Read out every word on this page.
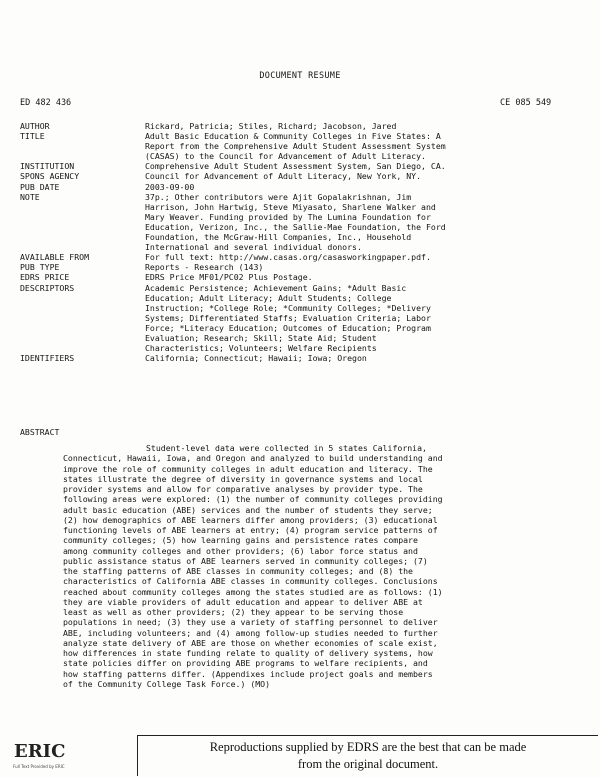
DOCUMENT RESUME
ED 482 436	CE 085 549
AUTHOR	Rickard, Patricia; Stiles, Richard; Jacobson, Jared
TITLE	Adult Basic Education & Community Colleges in Five States: A
Report from the Comprehensive Adult Student Assessment System
(CASAS) to the Council for Advancement of Adult Literacy.
INSTITUTION	Comprehensive Adult Student Assessment System, San Diego, CA.
SPONS AGENCY	Council for Advancement of Adult Literacy, New York, NY.
PUB DATE	2003-09-00
NOTE	37p.; Other contributors were Ajit Gopalakrishnan, Jim
Harrison, John Hartwig, Steve Miyasato, Sharlene Walker and
Mary Weaver. Funding provided by The Lumina Foundation for
Education, Verizon, Inc., the Sallie-Mae Foundation, the Ford
Foundation, the McGraw-Hill Companies, Inc., Household
International and several individual donors.
AVAILABLE FROM	For full text: http://www.casas.org/casasworkingpaper.pdf.
PUB TYPE	Reports - Research (143)
EDRS PRICE	EDRS Price MF01/PC02 Plus Postage.
DESCRIPTORS	Academic Persistence; Achievement Gains; *Adult Basic
Education; Adult Literacy; Adult Students; College
Instruction; *College Role; *Community Colleges; *Delivery
Systems; Differentiated Staffs; Evaluation Criteria; Labor
Force; *Literacy Education; Outcomes of Education; Program
Evaluation; Research; Skill; State Aid; Student
Characteristics; Volunteers; Welfare Recipients
IDENTIFIERS	California; Connecticut; Hawaii; Iowa; Oregon
ABSTRACT
Student-level data were collected in 5 states California,
Connecticut, Hawaii, Iowa, and Oregon and analyzed to build understanding and
improve the role of community colleges in adult education and literacy. The
states illustrate the degree of diversity in governance systems and local
provider systems and allow for comparative analyses by provider type. The
following areas were explored: (1) the number of community colleges providing
adult basic education (ABE) services and the number of students they serve;
(2) how demographics of ABE learners differ among providers; (3) educational
functioning levels of ABE learners at entry; (4) program service patterns of
community colleges; (5) how learning gains and persistence rates compare
among community colleges and other providers; (6) labor force status and
public assistance status of ABE learners served in community colleges; (7)
the staffing patterns of ABE classes in community colleges; and (8) the
characteristics of California ABE classes in community colleges. Conclusions
reached about community colleges among the states studied are as follows: (1)
they are viable providers of adult education and appear to deliver ABE at
least as well as other providers; (2) they appear to be serving those
populations in need; (3) they use a variety of staffing personnel to deliver
ABE, including volunteers; and (4) among follow-up studies needed to further
analyze state delivery of ABE are those on whether economies of scale exist,
how differences in state funding relate to quality of delivery systems, how
state policies differ on providing ABE programs to welfare recipients, and
how staffing patterns differ. (Appendixes include project goals and members
of the Community College Task Force.) (MO)
ERIC
Full Text Provided by ERIC
Reproductions supplied by EDRS are the best that can be made
from the original document.
